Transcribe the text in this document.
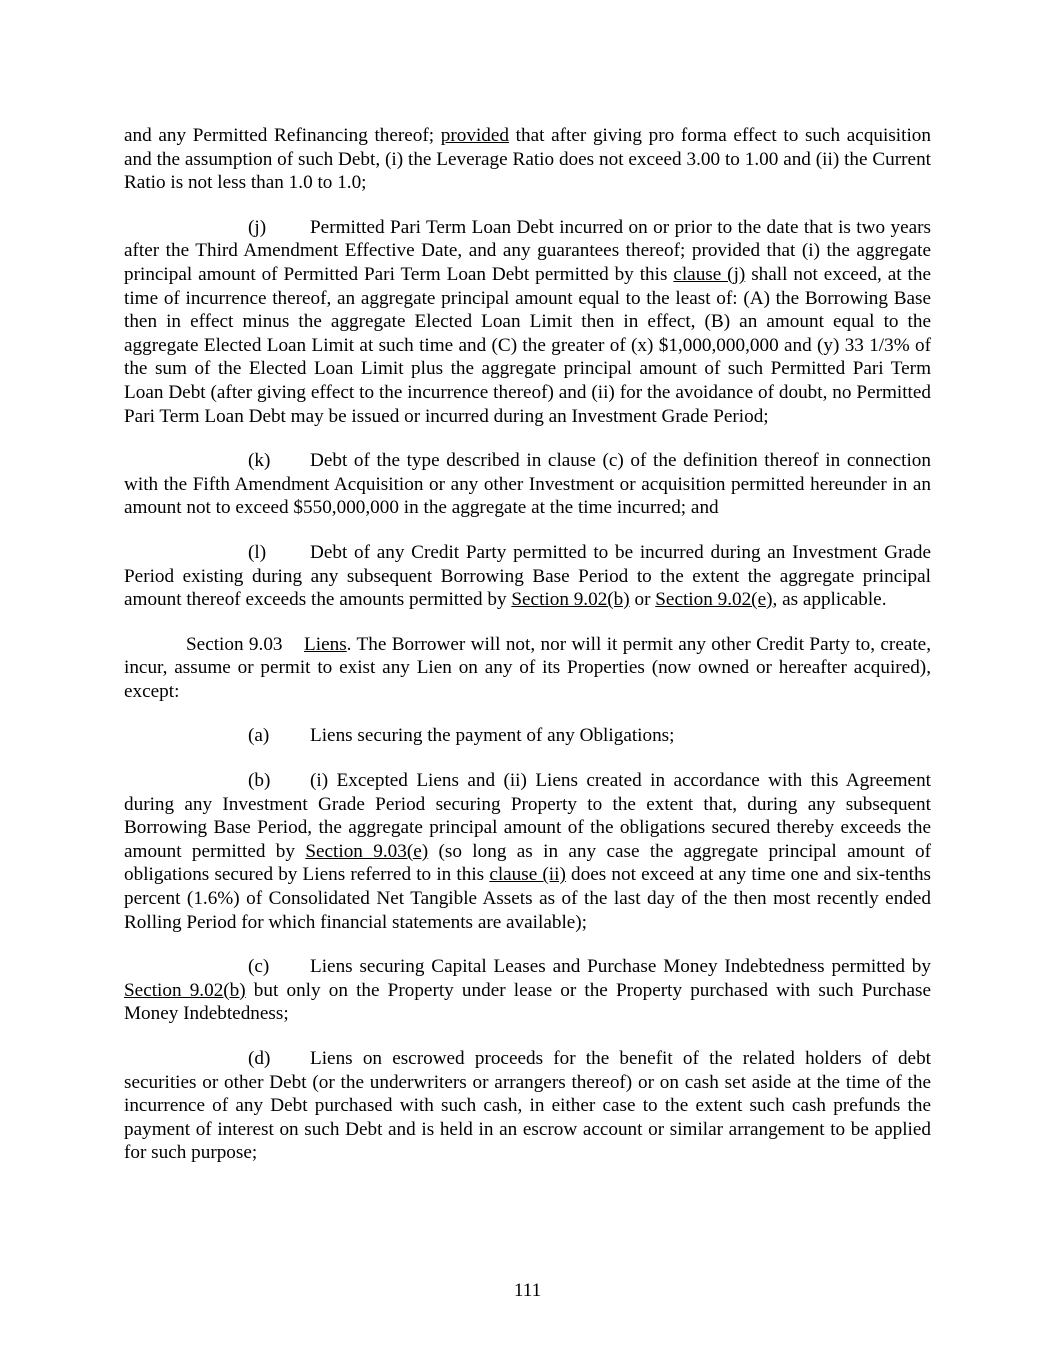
and any Permitted Refinancing thereof; provided that after giving pro forma effect to such acquisition and the assumption of such Debt, (i) the Leverage Ratio does not exceed 3.00 to 1.00 and (ii) the Current Ratio is not less than 1.0 to 1.0;

(j) Permitted Pari Term Loan Debt incurred on or prior to the date that is two years after the Third Amendment Effective Date, and any guarantees thereof; provided that (i) the aggregate principal amount of Permitted Pari Term Loan Debt permitted by this clause (j) shall not exceed, at the time of incurrence thereof, an aggregate principal amount equal to the least of: (A) the Borrowing Base then in effect minus the aggregate Elected Loan Limit then in effect, (B) an amount equal to the aggregate Elected Loan Limit at such time and (C) the greater of (x) $1,000,000,000 and (y) 33 1/3% of the sum of the Elected Loan Limit plus the aggregate principal amount of such Permitted Pari Term Loan Debt (after giving effect to the incurrence thereof) and (ii) for the avoidance of doubt, no Permitted Pari Term Loan Debt may be issued or incurred during an Investment Grade Period;

(k) Debt of the type described in clause (c) of the definition thereof in connection with the Fifth Amendment Acquisition or any other Investment or acquisition permitted hereunder in an amount not to exceed $550,000,000 in the aggregate at the time incurred; and

(l) Debt of any Credit Party permitted to be incurred during an Investment Grade Period existing during any subsequent Borrowing Base Period to the extent the aggregate principal amount thereof exceeds the amounts permitted by Section 9.02(b) or Section 9.02(e), as applicable.

Section 9.03 Liens. The Borrower will not, nor will it permit any other Credit Party to, create, incur, assume or permit to exist any Lien on any of its Properties (now owned or hereafter acquired), except:

(a) Liens securing the payment of any Obligations;

(b) (i) Excepted Liens and (ii) Liens created in accordance with this Agreement during any Investment Grade Period securing Property to the extent that, during any subsequent Borrowing Base Period, the aggregate principal amount of the obligations secured thereby exceeds the amount permitted by Section 9.03(e) (so long as in any case the aggregate principal amount of obligations secured by Liens referred to in this clause (ii) does not exceed at any time one and six-tenths percent (1.6%) of Consolidated Net Tangible Assets as of the last day of the then most recently ended Rolling Period for which financial statements are available);

(c) Liens securing Capital Leases and Purchase Money Indebtedness permitted by Section 9.02(b) but only on the Property under lease or the Property purchased with such Purchase Money Indebtedness;

(d) Liens on escrowed proceeds for the benefit of the related holders of debt securities or other Debt (or the underwriters or arrangers thereof) or on cash set aside at the time of the incurrence of any Debt purchased with such cash, in either case to the extent such cash prefunds the payment of interest on such Debt and is held in an escrow account or similar arrangement to be applied for such purpose;

111
